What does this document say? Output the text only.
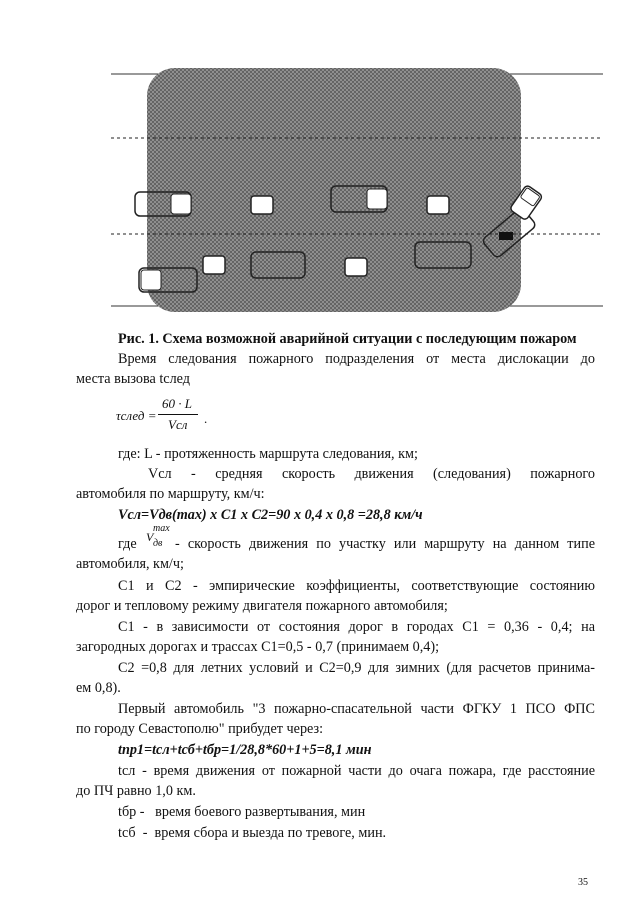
Рис. 1. Схема возможной аварийной ситуации с последующим пожаром
Время следования пожарного подразделения от места дислокации до
места вызова tслед
τслед =
60 · L
Vсл .
где: L - протяженность маршрута следования, км;
Vсл - средняя скорость движения (следования) пожарного
автомобиля по маршруту, км/ч:
Vсл=Vдв(max) х С1 х С2=90 х 0,4 х 0,8 =28,8 км/ч
где V
max
дв - скорость движения по участку или маршруту на данном типе
автомобиля, км/ч;
С1 и С2 - эмпирические коэффициенты, соответствующие состоянию
дорог и тепловому режиму двигателя пожарного автомобиля;
С1 - в зависимости от состояния дорог в городах С1 = 0,36 - 0,4; на
загородных дорогах и трассах С1=0,5 - 0,7 (принимаем 0,4);
С2 =0,8 для летних условий и С2=0,9 для зимних (для расчетов принима-
ем 0,8).
Первый автомобиль "3 пожарно-спасательной части ФГКУ 1 ПСО ФПС
по городу Севастополю" прибудет через:
tпр1=tсл+tсб+tбр=1/28,8*60+1+5=8,1 мин
tсл - время движения от пожарной части до очага пожара, где расстояние
до ПЧ равно 1,0 км.
tбр -   время боевого развертывания, мин
tсб  -  время сбора и выезда по тревоге, мин.
35
